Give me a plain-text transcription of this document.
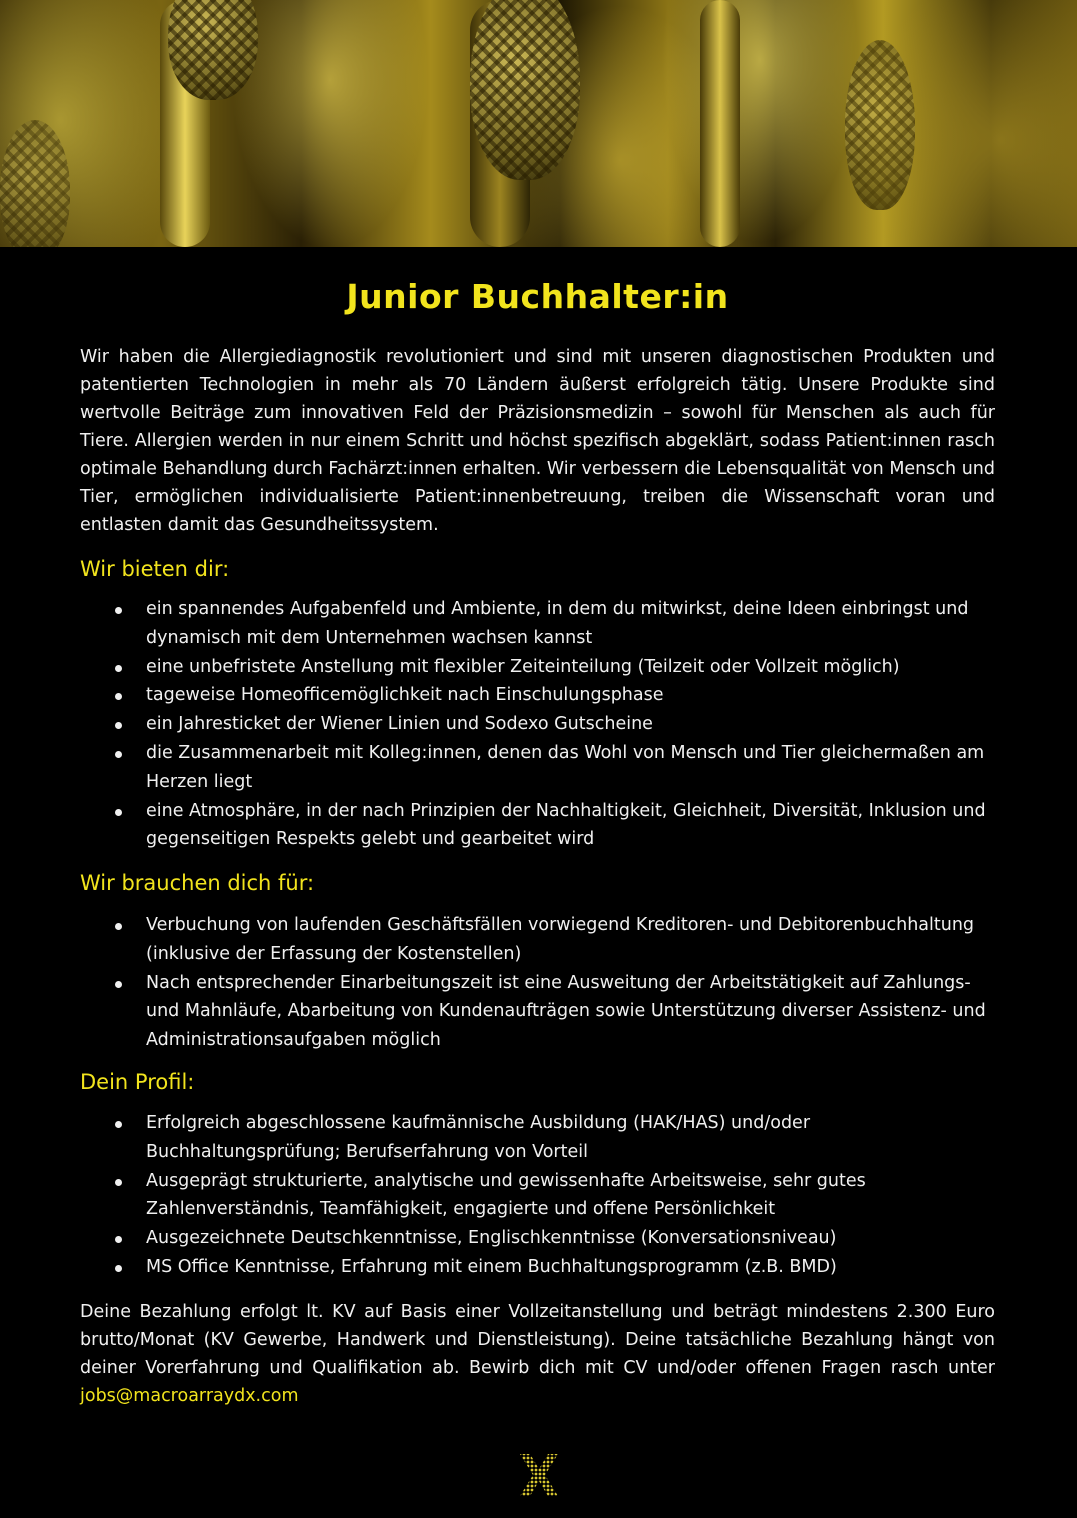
Junior Buchhalter:in

Wir haben die Allergiediagnostik revolutioniert und sind mit unseren diagnostischen Produkten und patentierten Technologien in mehr als 70 Ländern äußerst erfolgreich tätig. Unsere Produkte sind wertvolle Beiträge zum innovativen Feld der Präzisionsmedizin – sowohl für Menschen als auch für Tiere. Allergien werden in nur einem Schritt und höchst spezifisch abgeklärt, sodass Patient:innen rasch optimale Behandlung durch Fachärzt:innen erhalten. Wir verbessern die Lebensqualität von Mensch und Tier, ermöglichen individualisierte Patient:innenbetreuung, treiben die Wissenschaft voran und entlasten damit das Gesundheitssystem.

Wir bieten dir:
ein spannendes Aufgabenfeld und Ambiente, in dem du mitwirkst, deine Ideen einbringst und dynamisch mit dem Unternehmen wachsen kannst
eine unbefristete Anstellung mit flexibler Zeiteinteilung (Teilzeit oder Vollzeit möglich)
tageweise Homeofficemöglichkeit nach Einschulungsphase
ein Jahresticket der Wiener Linien und Sodexo Gutscheine
die Zusammenarbeit mit Kolleg:innen, denen das Wohl von Mensch und Tier gleichermaßen am Herzen liegt
eine Atmosphäre, in der nach Prinzipien der Nachhaltigkeit, Gleichheit, Diversität, Inklusion und gegenseitigen Respekts gelebt und gearbeitet wird
Wir brauchen dich für:
Verbuchung von laufenden Geschäftsfällen vorwiegend Kreditoren- und Debitorenbuchhaltung (inklusive der Erfassung der Kostenstellen)
Nach entsprechender Einarbeitungszeit ist eine Ausweitung der Arbeitstätigkeit auf Zahlungs- und Mahnläufe, Abarbeitung von Kundenaufträgen sowie Unterstützung diverser Assistenz- und Administrationsaufgaben möglich
Dein Profil:
Erfolgreich abgeschlossene kaufmännische Ausbildung (HAK/HAS) und/oder Buchhaltungsprüfung; Berufserfahrung von Vorteil
Ausgeprägt strukturierte, analytische und gewissenhafte Arbeitsweise, sehr gutes Zahlenverständnis, Teamfähigkeit, engagierte und offene Persönlichkeit
Ausgezeichnete Deutschkenntnisse, Englischkenntnisse (Konversationsniveau)
MS Office Kenntnisse, Erfahrung mit einem Buchhaltungsprogramm (z.B. BMD)

Deine Bezahlung erfolgt lt. KV auf Basis einer Vollzeitanstellung und beträgt mindestens 2.300 Euro brutto/Monat (KV Gewerbe, Handwerk und Dienstleistung). Deine tatsächliche Bezahlung hängt von deiner Vorerfahrung und Qualifikation ab. Bewirb dich mit CV und/oder offenen Fragen rasch unter jobs@macroarraydx.com
